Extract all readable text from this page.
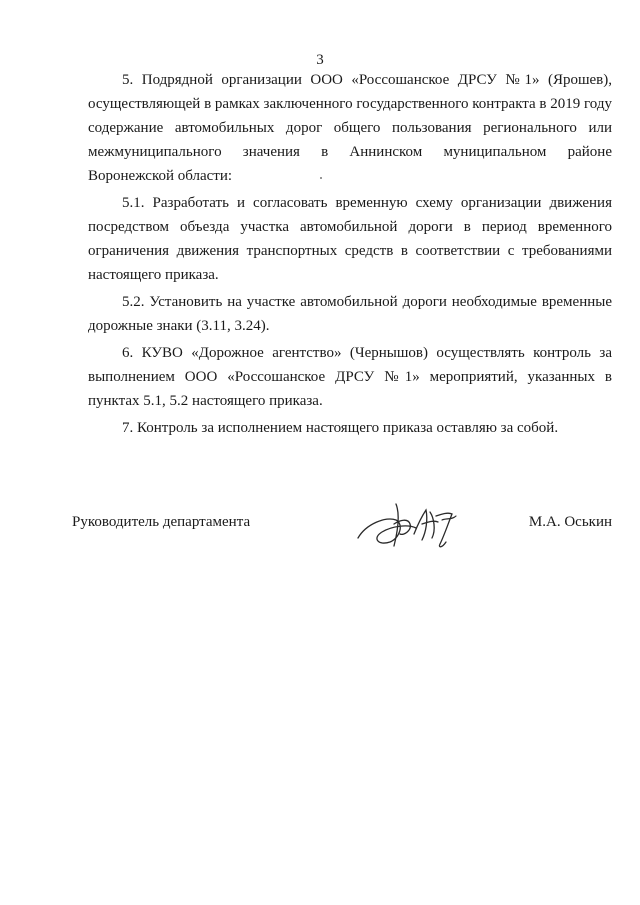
3

5. Подрядной организации ООО «Россошанское ДРСУ №1» (Ярошев), осуществляющей в рамках заключенного государственного контракта в 2019 году содержание автомобильных дорог общего пользования регионального или межмуниципального значения в Аннинском муниципальном районе Воронежской области:

5.1. Разработать и согласовать временную схему организации движения посредством объезда участка автомобильной дороги в период временного ограничения движения транспортных средств в соответствии с требованиями настоящего приказа.

5.2. Установить на участке автомобильной дороги необходимые временные дорожные знаки (3.11, 3.24).

6. КУВО «Дорожное агентство» (Чернышов) осуществлять контроль за выполнением ООО «Россошанское ДРСУ №1» мероприятий, указанных в пунктах 5.1, 5.2 настоящего приказа.

7. Контроль за исполнением настоящего приказа оставляю за собой.

Руководитель департамента	М.А. Оськин
